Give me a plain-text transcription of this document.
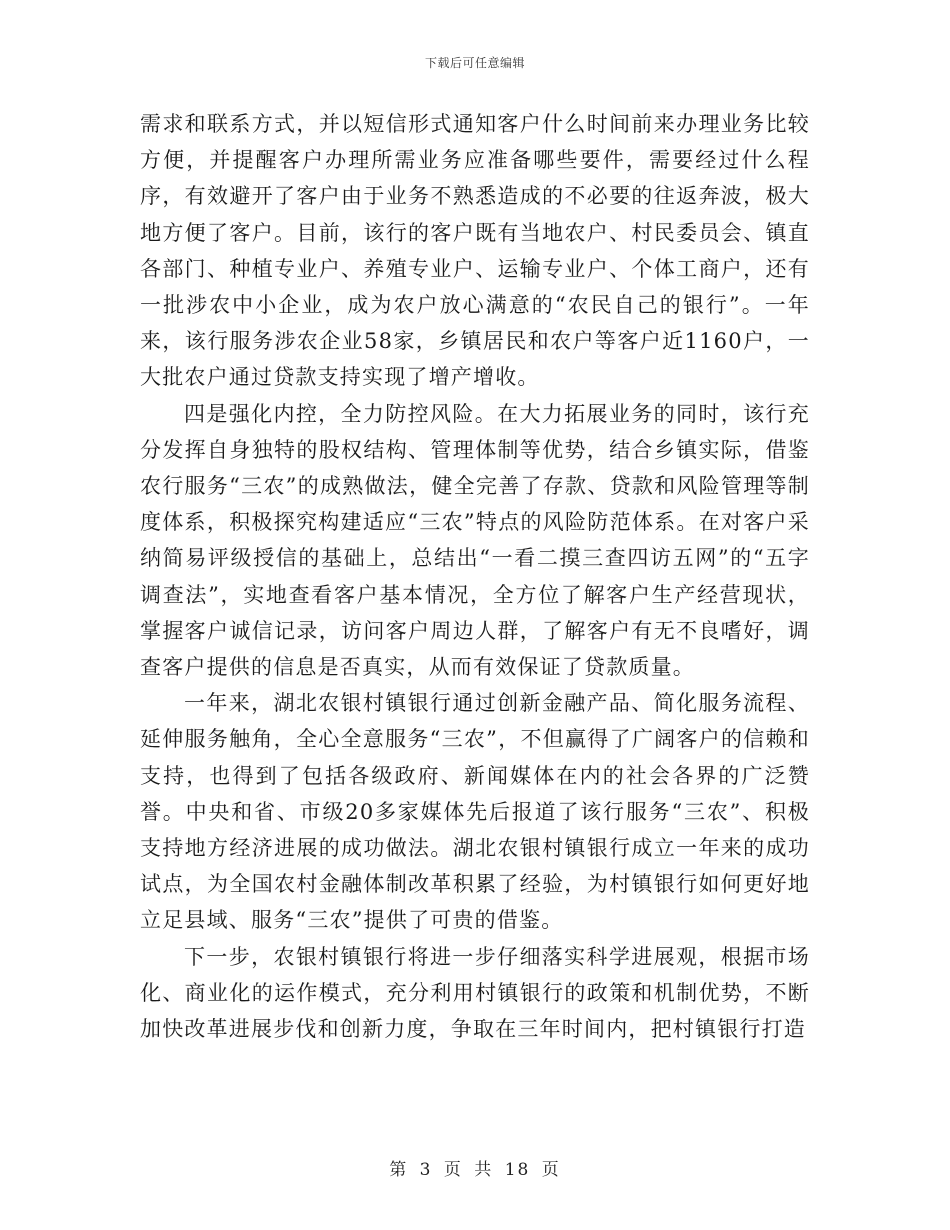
下载后可任意编辑

需求和联系方式，并以短信形式通知客户什么时间前来办理业务比较方便，并提醒客户办理所需业务应准备哪些要件，需要经过什么程序，有效避开了客户由于业务不熟悉造成的不必要的往返奔波，极大地方便了客户。目前，该行的客户既有当地农户、村民委员会、镇直各部门、种植专业户、养殖专业户、运输专业户、个体工商户，还有一批涉农中小企业，成为农户放心满意的“农民自己的银行”。一年来，该行服务涉农企业58家，乡镇居民和农户等客户近1160户，一大批农户通过贷款支持实现了增产增收。

四是强化内控，全力防控风险。在大力拓展业务的同时，该行充分发挥自身独特的股权结构、管理体制等优势，结合乡镇实际，借鉴农行服务“三农”的成熟做法，健全完善了存款、贷款和风险管理等制度体系，积极探究构建适应“三农”特点的风险防范体系。在对客户采纳简易评级授信的基础上，总结出“一看二摸三查四访五网”的“五字调查法”，实地查看客户基本情况，全方位了解客户生产经营现状，掌握客户诚信记录，访问客户周边人群，了解客户有无不良嗜好，调查客户提供的信息是否真实，从而有效保证了贷款质量。

一年来，湖北农银村镇银行通过创新金融产品、简化服务流程、延伸服务触角，全心全意服务“三农”，不但赢得了广阔客户的信赖和支持，也得到了包括各级政府、新闻媒体在内的社会各界的广泛赞誉。中央和省、市级20多家媒体先后报道了该行服务“三农”、积极支持地方经济进展的成功做法。湖北农银村镇银行成立一年来的成功试点，为全国农村金融体制改革积累了经验，为村镇银行如何更好地立足县域、服务“三农”提供了可贵的借鉴。

下一步，农银村镇银行将进一步仔细落实科学进展观，根据市场化、商业化的运作模式，充分利用村镇银行的政策和机制优势，不断加快改革进展步伐和创新力度，争取在三年时间内，把村镇银行打造

第 3 页 共 18 页
